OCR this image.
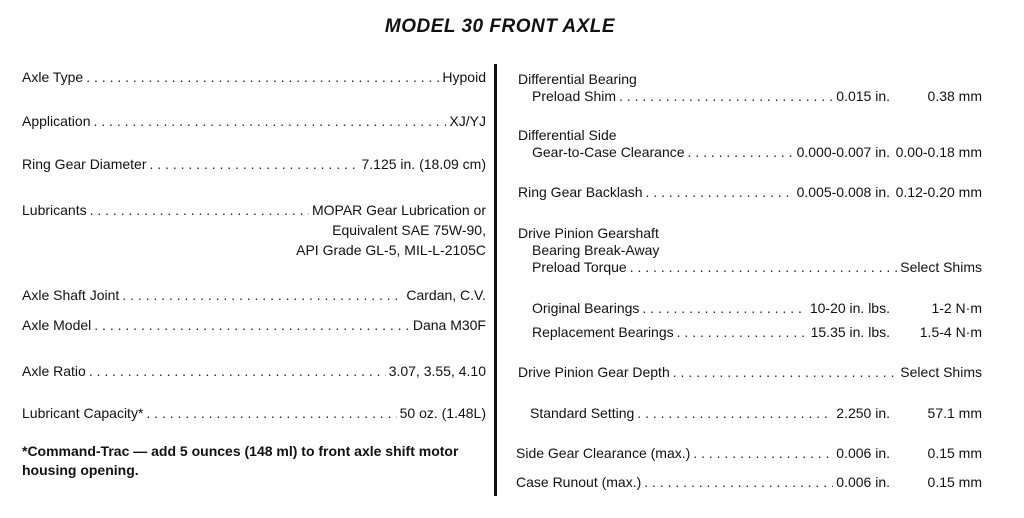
MODEL 30 FRONT AXLE
Axle Type . . .	Hypoid
Application . . .	XJ/YJ
Ring Gear Diameter . . .	7.125 in. (18.09 cm)
Lubricants . . .	MOPAR Gear Lubrication or
Equivalent SAE 75W-90,
API Grade GL-5, MIL-L-2105C
Axle Shaft Joint . . .	Cardan, C.V.
Axle Model . . .	Dana M30F
Axle Ratio . . .	3.07, 3.55, 4.10
Lubricant Capacity* . . .	50 oz. (1.48L)
*Command-Trac — add 5 ounces (148 ml) to front axle shift motor housing opening.
Differential Bearing
Preload Shim . . .	0.015 in.	0.38 mm
Differential Side
Gear-to-Case Clearance . . .	0.000-0.007 in. 0.00-0.18 mm
Ring Gear Backlash . . .	0.005-0.008 in. 0.12-0.20 mm
Drive Pinion Gearshaft
Bearing Break-Away
Preload Torque . . .	Select Shims
Original Bearings . . .	10-20 in. lbs.	1-2 N·m
Replacement Bearings . . .	15.35 in. lbs.	1.5-4 N·m
Drive Pinion Gear Depth . . .	Select Shims
Standard Setting . . .	2.250 in.	57.1 mm
Side Gear Clearance (max.) . . .	0.006 in.	0.15 mm
Case Runout (max.) . . .	0.006 in.	0.15 mm
